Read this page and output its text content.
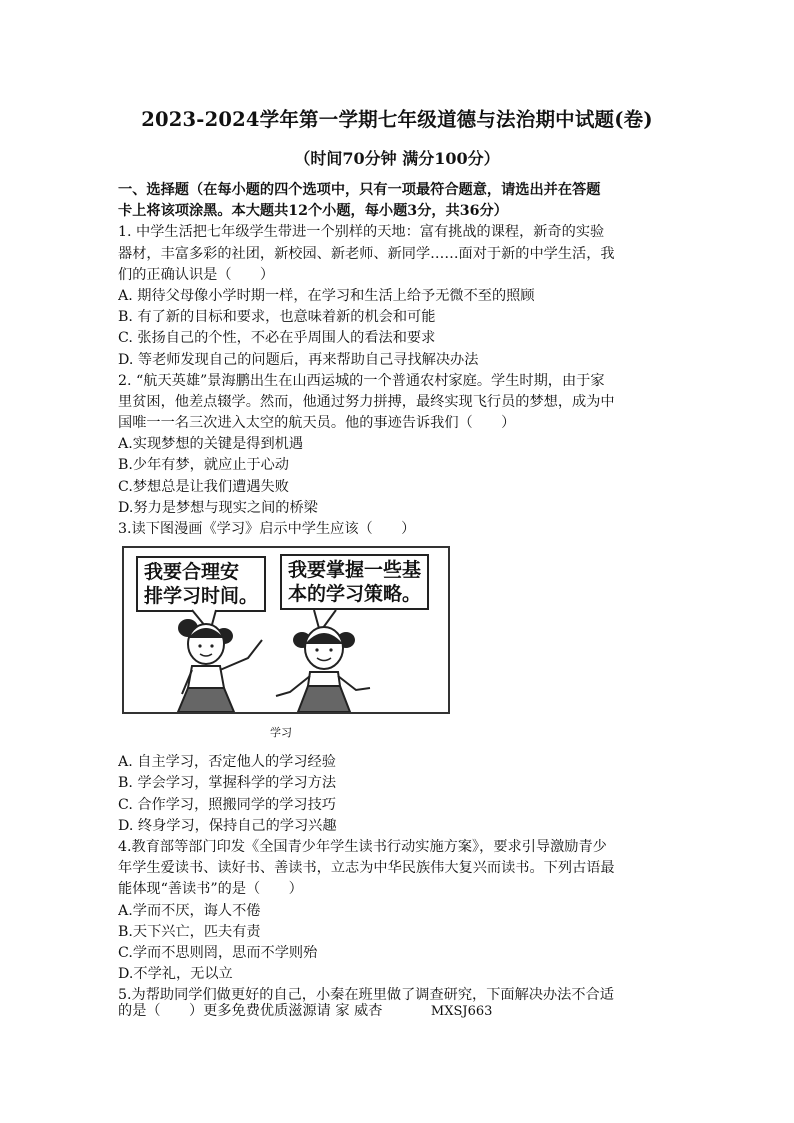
2023-2024学年第一学期七年级道德与法治期中试题(卷)
（时间70分钟 满分100分）
一、选择题（在每小题的四个选项中，只有一项最符合题意，请选出并在答题
卡上将该项涂黑。本大题共12个小题，每小题3分，共36分）
1. 中学生活把七年级学生带进一个别样的天地：富有挑战的课程，新奇的实验
器材，丰富多彩的社团，新校园、新老师、新同学……面对于新的中学生活，我
们的正确认识是（　　）
A. 期待父母像小学时期一样，在学习和生活上给予无微不至的照顾
B. 有了新的目标和要求，也意味着新的机会和可能
C. 张扬自己的个性，不必在乎周围人的看法和要求
D. 等老师发现自己的问题后，再来帮助自己寻找解决办法
2. “航天英雄”景海鹏出生在山西运城的一个普通农村家庭。学生时期，由于家
里贫困，他差点辍学。然而，他通过努力拼搏，最终实现飞行员的梦想，成为中
国唯一一名三次进入太空的航天员。他的事迹告诉我们（　　）
A.实现梦想的关键是得到机遇
B.少年有梦，就应止于心动
C.梦想总是让我们遭遇失败
D.努力是梦想与现实之间的桥梁
3.读下图漫画《学习》启示中学生应该（　　）
我要合理安
排学习时间。
我要掌握一些基
本的学习策略。
学习
A. 自主学习，否定他人的学习经验
B. 学会学习，掌握科学的学习方法
C. 合作学习，照搬同学的学习技巧
D. 终身学习，保持自己的学习兴趣
4.教育部等部门印发《全国青少年学生读书行动实施方案》，要求引导激励青少
年学生爱读书、读好书、善读书，立志为中华民族伟大复兴而读书。下列古语最
能体现“善读书”的是（　　）
A.学而不厌，诲人不倦
B.天下兴亡，匹夫有责
C.学而不思则罔，思而不学则殆
D.不学礼，无以立
5.为帮助同学们做更好的自己，小秦在班里做了调查研究，下面解决办法不合适
的是（　　）更多免费优质滋源请 家 威杏	MXSJ663
